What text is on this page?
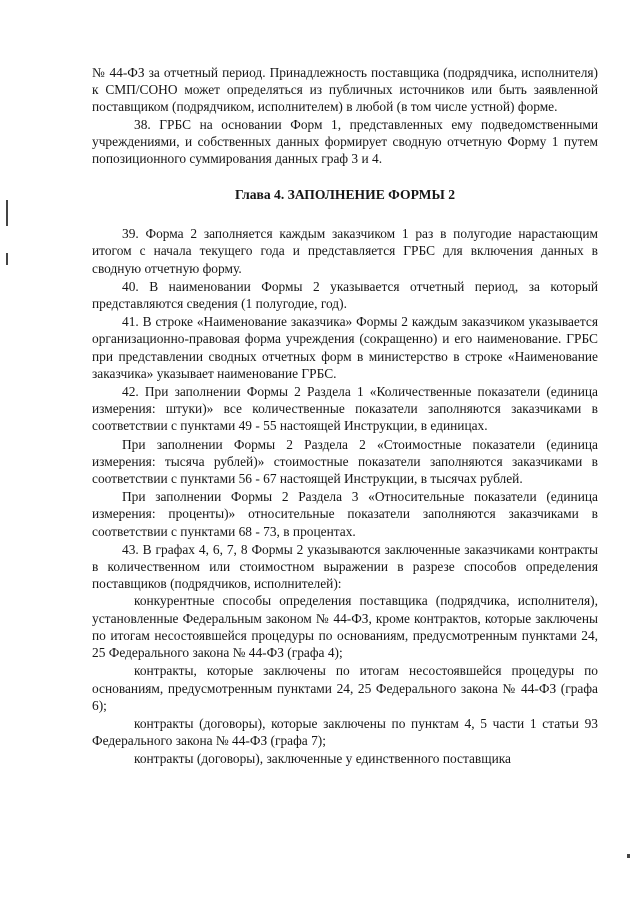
№ 44-ФЗ за отчетный период. Принадлежность поставщика (подрядчика, исполнителя) к СМП/СОНО может определяться из публичных источников или быть заявленной поставщиком (подрядчиком, исполнителем) в любой (в том числе устной) форме.

38. ГРБС на основании Форм 1, представленных ему подведомственными учреждениями, и собственных данных формирует сводную отчетную Форму 1 путем попозиционного суммирования данных граф 3 и 4.

Глава 4. ЗАПОЛНЕНИЕ ФОРМЫ 2

39. Форма 2 заполняется каждым заказчиком 1 раз в полугодие нарастающим итогом с начала текущего года и представляется ГРБС для включения данных в сводную отчетную форму.

40. В наименовании Формы 2 указывается отчетный период, за который представляются сведения (1 полугодие, год).

41. В строке «Наименование заказчика» Формы 2 каждым заказчиком указывается организационно-правовая форма учреждения (сокращенно) и его наименование. ГРБС при представлении сводных отчетных форм в министерство в строке «Наименование заказчика» указывает наименование ГРБС.

42. При заполнении Формы 2 Раздела 1 «Количественные показатели (единица измерения: штуки)» все количественные показатели заполняются заказчиками в соответствии с пунктами 49 - 55 настоящей Инструкции, в единицах.

При заполнении Формы 2 Раздела 2 «Стоимостные показатели (единица измерения: тысяча рублей)» стоимостные показатели заполняются заказчиками в соответствии с пунктами 56 - 67 настоящей Инструкции, в тысячах рублей.

При заполнении Формы 2 Раздела 3 «Относительные показатели (единица измерения: проценты)» относительные показатели заполняются заказчиками в соответствии с пунктами 68 - 73, в процентах.

43. В графах 4, 6, 7, 8 Формы 2 указываются заключенные заказчиками контракты в количественном или стоимостном выражении в разрезе способов определения поставщиков (подрядчиков, исполнителей):

конкурентные способы определения поставщика (подрядчика, исполнителя), установленные Федеральным законом № 44-ФЗ, кроме контрактов, которые заключены по итогам несостоявшейся процедуры по основаниям, предусмотренным пунктами 24, 25 Федерального закона № 44-ФЗ (графа 4);

контракты, которые заключены по итогам несостоявшейся процедуры по основаниям, предусмотренным пунктами 24, 25 Федерального закона № 44-ФЗ (графа 6);

контракты (договоры), которые заключены по пунктам 4, 5 части 1 статьи 93 Федерального закона № 44-ФЗ (графа 7);

контракты (договоры), заключенные у единственного поставщика
